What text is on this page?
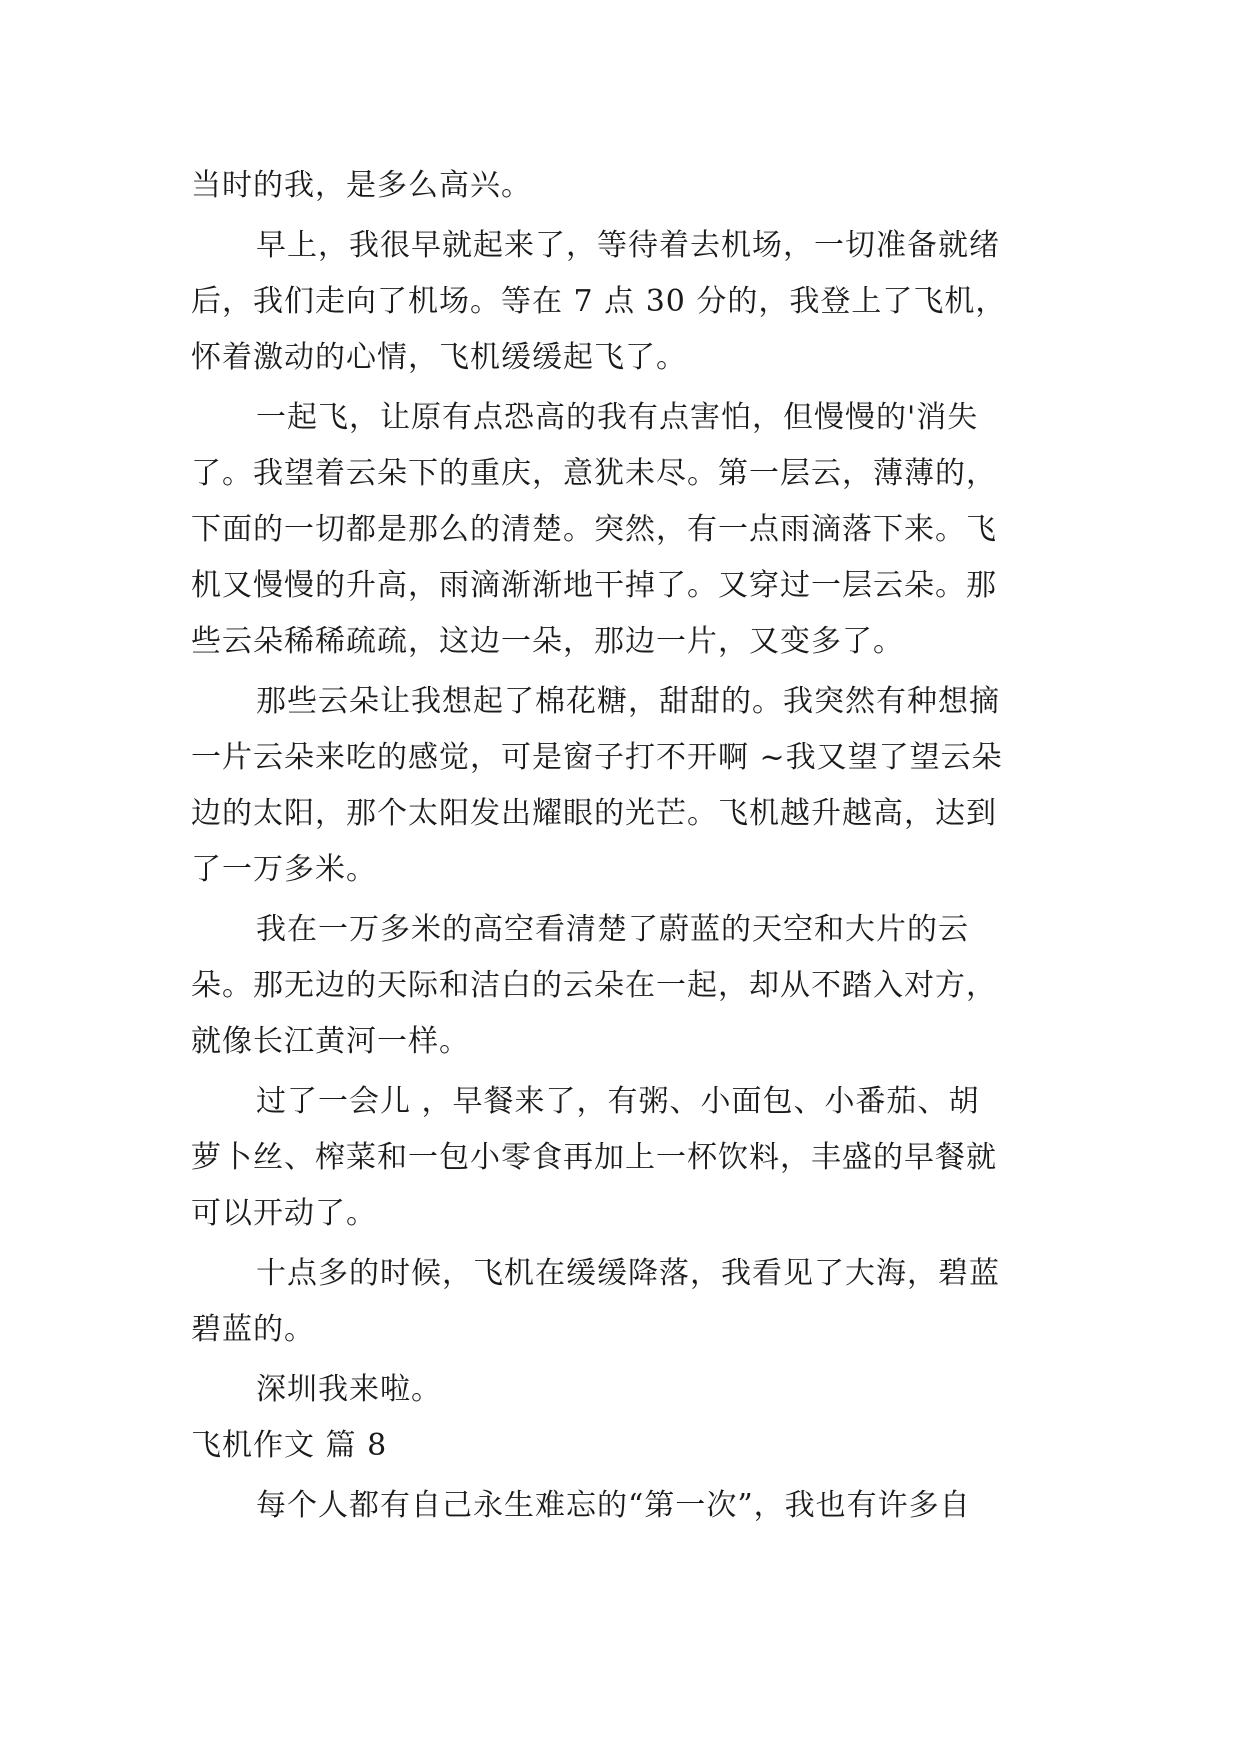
当时的我，是多么高兴。
早上，我很早就起来了，等待着去机场，一切准备就绪
后，我们走向了机场。等在 7 点 30 分的，我登上了飞机，
怀着激动的心情，飞机缓缓起飞了。
一起飞，让原有点恐高的我有点害怕，但慢慢的'消失
了。我望着云朵下的重庆，意犹未尽。第一层云，薄薄的，
下面的一切都是那么的清楚。突然，有一点雨滴落下来。飞
机又慢慢的升高，雨滴渐渐地干掉了。又穿过一层云朵。那
些云朵稀稀疏疏，这边一朵，那边一片，又变多了。
那些云朵让我想起了棉花糖，甜甜的。我突然有种想摘
一片云朵来吃的感觉，可是窗子打不开啊 ~我又望了望云朵
边的太阳，那个太阳发出耀眼的光芒。飞机越升越高，达到
了一万多米。
我在一万多米的高空看清楚了蔚蓝的天空和大片的云
朵。那无边的天际和洁白的云朵在一起，却从不踏入对方，
就像长江黄河一样。
过了一会儿 ，早餐来了，有粥、小面包、小番茄、胡
萝卜丝、榨菜和一包小零食再加上一杯饮料，丰盛的早餐就
可以开动了。
十点多的时候，飞机在缓缓降落，我看见了大海，碧蓝
碧蓝的。
深圳我来啦。
飞机作文 篇 8
每个人都有自己永生难忘的“第一次”，我也有许多自
